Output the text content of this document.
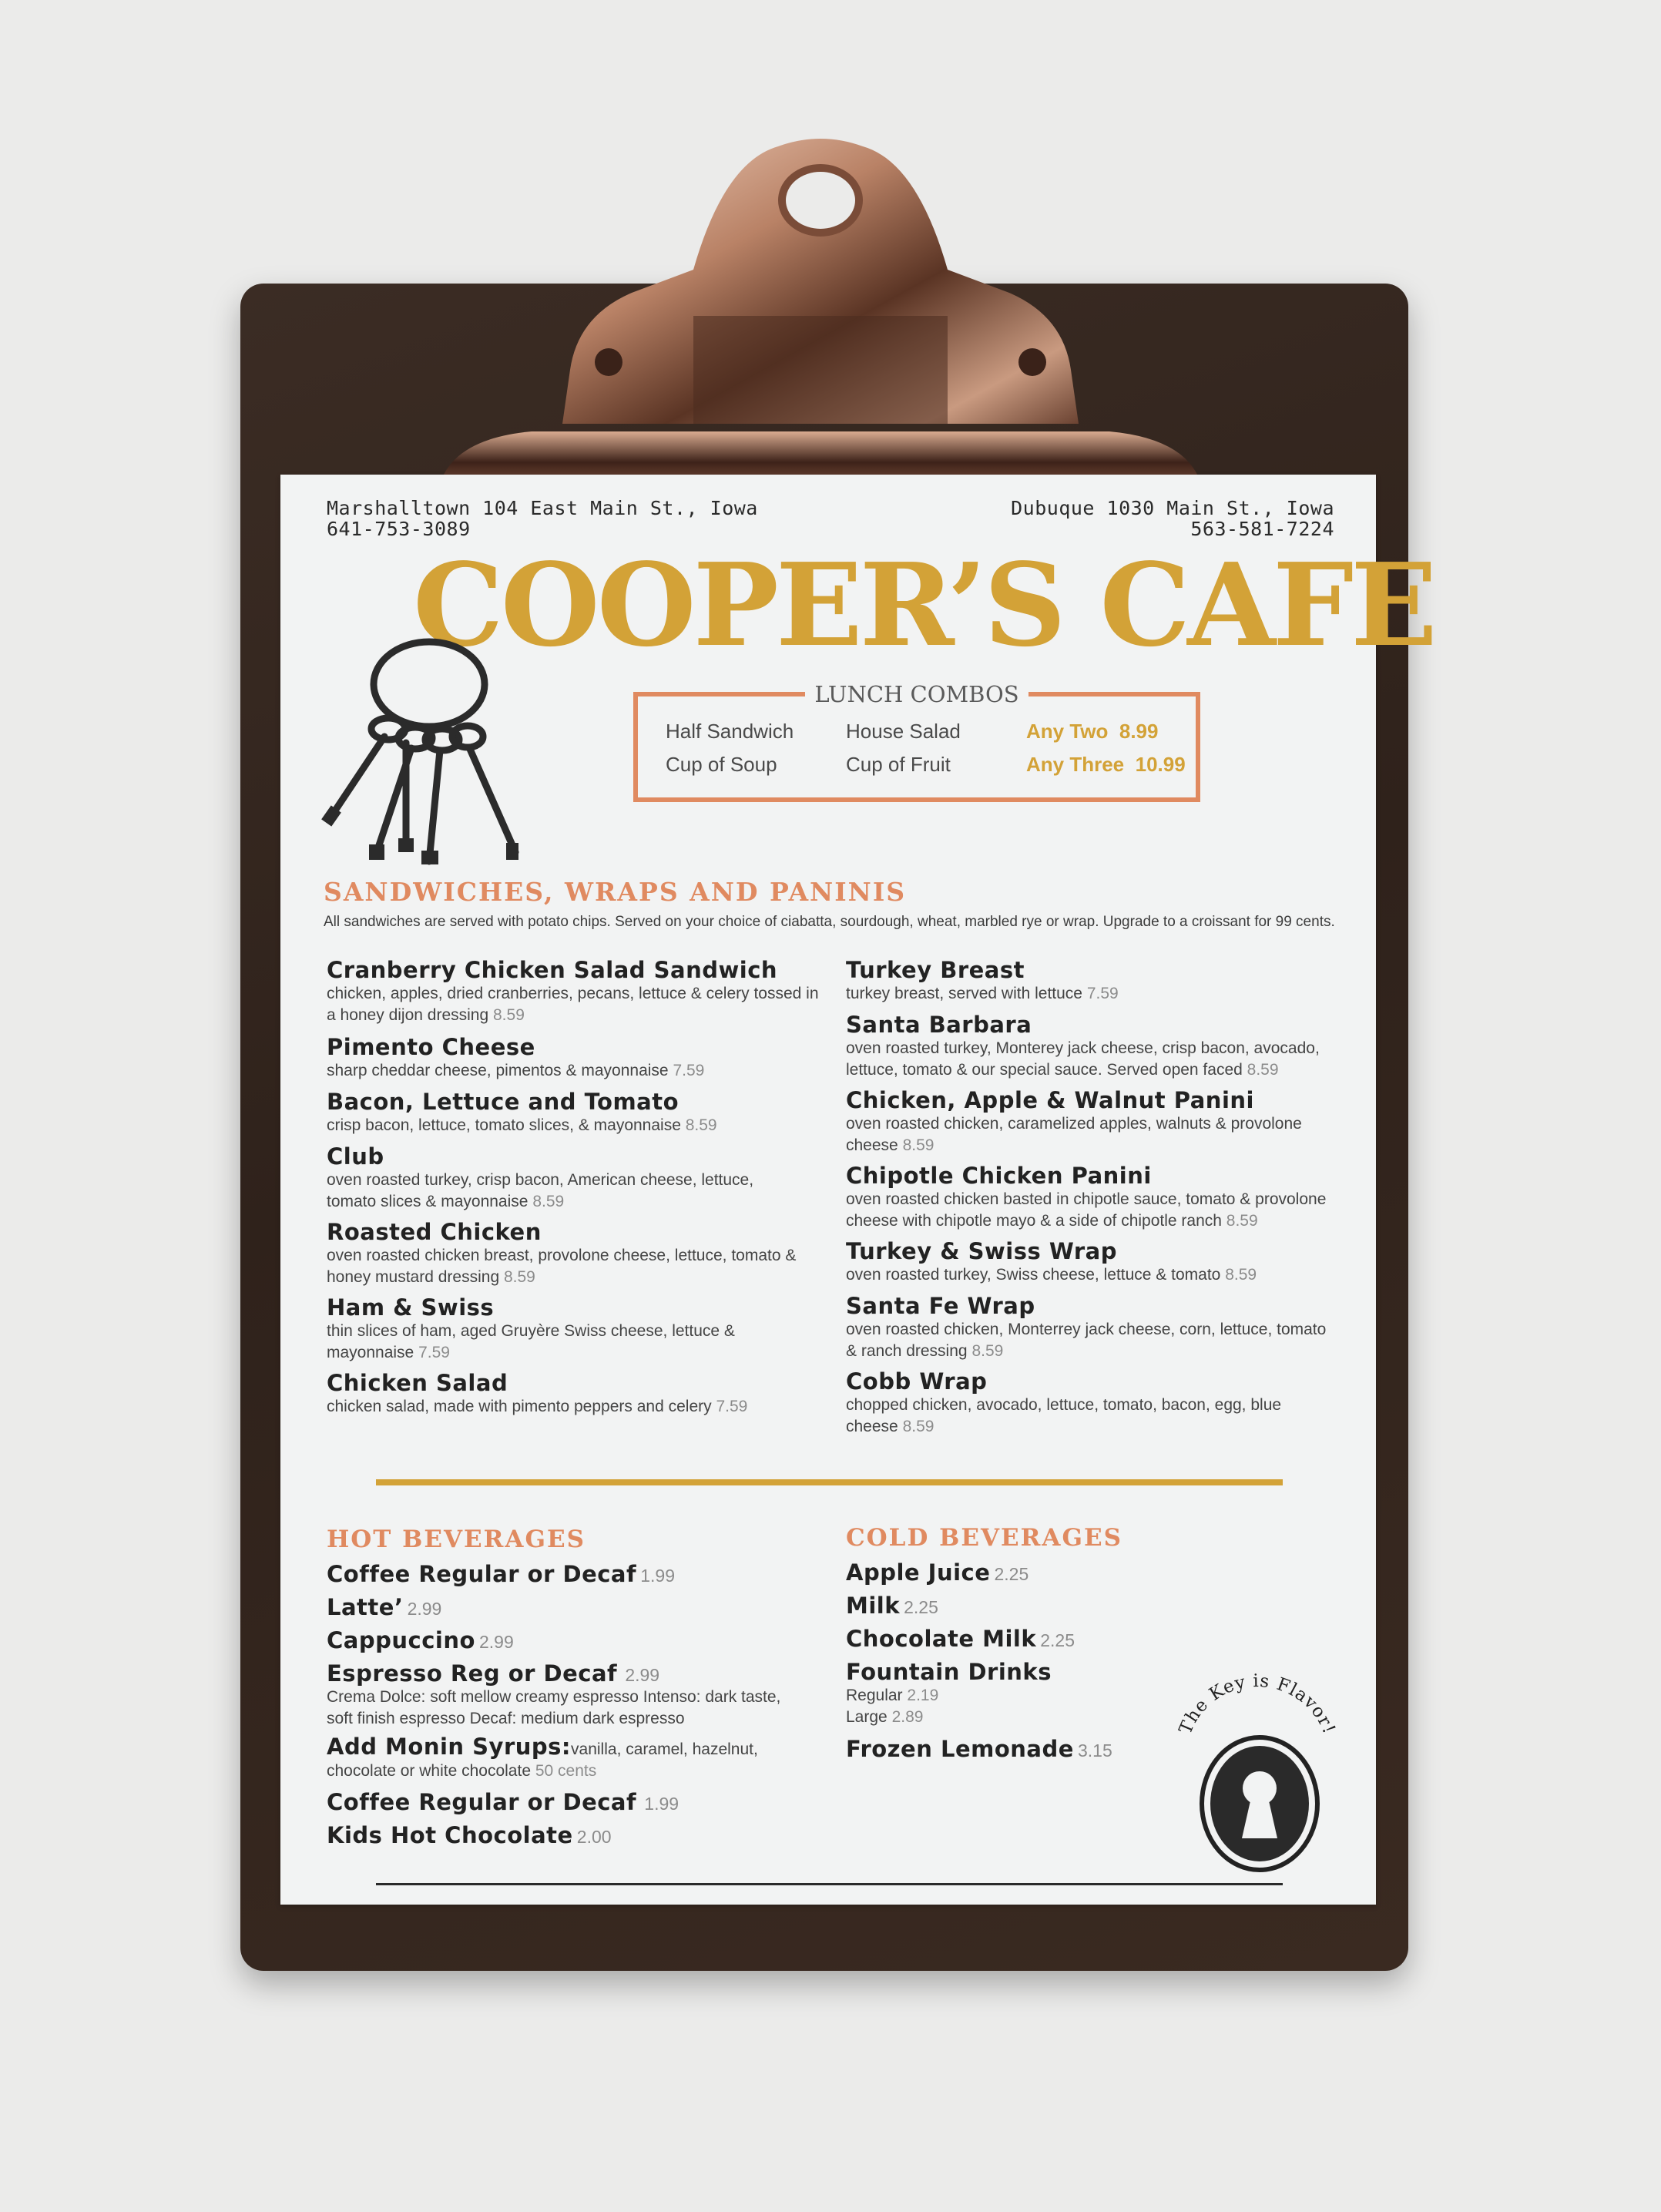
Marshalltown 104 East Main St., Iowa
641-753-3089
Dubuque 1030 Main St., Iowa
563-581-7224
COOPER’S CAFE
LUNCH COMBOS
Half Sandwich
Cup of Soup
House Salad
Cup of Fruit
Any Two 8.99
Any Three 10.99
SANDWICHES, WRAPS AND PANINIS
All sandwiches are served with potato chips. Served on your choice of ciabatta, sourdough, wheat, marbled rye or wrap. Upgrade to a croissant for 99 cents.
Cranberry Chicken Salad Sandwich
chicken, apples, dried cranberries, pecans, lettuce & celery tossed in a honey dijon dressing 8.59
Pimento Cheese
sharp cheddar cheese, pimentos & mayonnaise 7.59
Bacon, Lettuce and Tomato
crisp bacon, lettuce, tomato slices, & mayonnaise 8.59
Club
oven roasted turkey, crisp bacon, American cheese, lettuce, tomato slices & mayonnaise 8.59
Roasted Chicken
oven roasted chicken breast, provolone cheese, lettuce, tomato & honey mustard dressing 8.59
Ham & Swiss
thin slices of ham, aged Gruyère Swiss cheese, lettuce & mayonnaise 7.59
Chicken Salad
chicken salad, made with pimento peppers and celery 7.59
Turkey Breast
turkey breast, served with lettuce 7.59
Santa Barbara
oven roasted turkey, Monterey jack cheese, crisp bacon, avocado, lettuce, tomato & our special sauce. Served open faced 8.59
Chicken, Apple & Walnut Panini
oven roasted chicken, caramelized apples, walnuts & provolone cheese 8.59
Chipotle Chicken Panini
oven roasted chicken basted in chipotle sauce, tomato & provolone cheese with chipotle mayo & a side of chipotle ranch 8.59
Turkey & Swiss Wrap
oven roasted turkey, Swiss cheese, lettuce & tomato 8.59
Santa Fe Wrap
oven roasted chicken, Monterrey jack cheese, corn, lettuce, tomato & ranch dressing 8.59
Cobb Wrap
chopped chicken, avocado, lettuce, tomato, bacon, egg, blue cheese 8.59
HOT BEVERAGES
Coffee Regular or Decaf 1.99
Latte’ 2.99
Cappuccino 2.99
Espresso Reg or Decaf 2.99
Crema Dolce: soft mellow creamy espresso Intenso: dark taste, soft finish espresso Decaf: medium dark espresso
Add Monin Syrups:vanilla, caramel, hazelnut,
chocolate or white chocolate 50 cents
Coffee Regular or Decaf 1.99
Kids Hot Chocolate 2.00
COLD BEVERAGES
Apple Juice 2.25
Milk 2.25
Chocolate Milk 2.25
Fountain Drinks
Regular 2.19
Large 2.89
Frozen Lemonade 3.15
The Key is Flavor!
